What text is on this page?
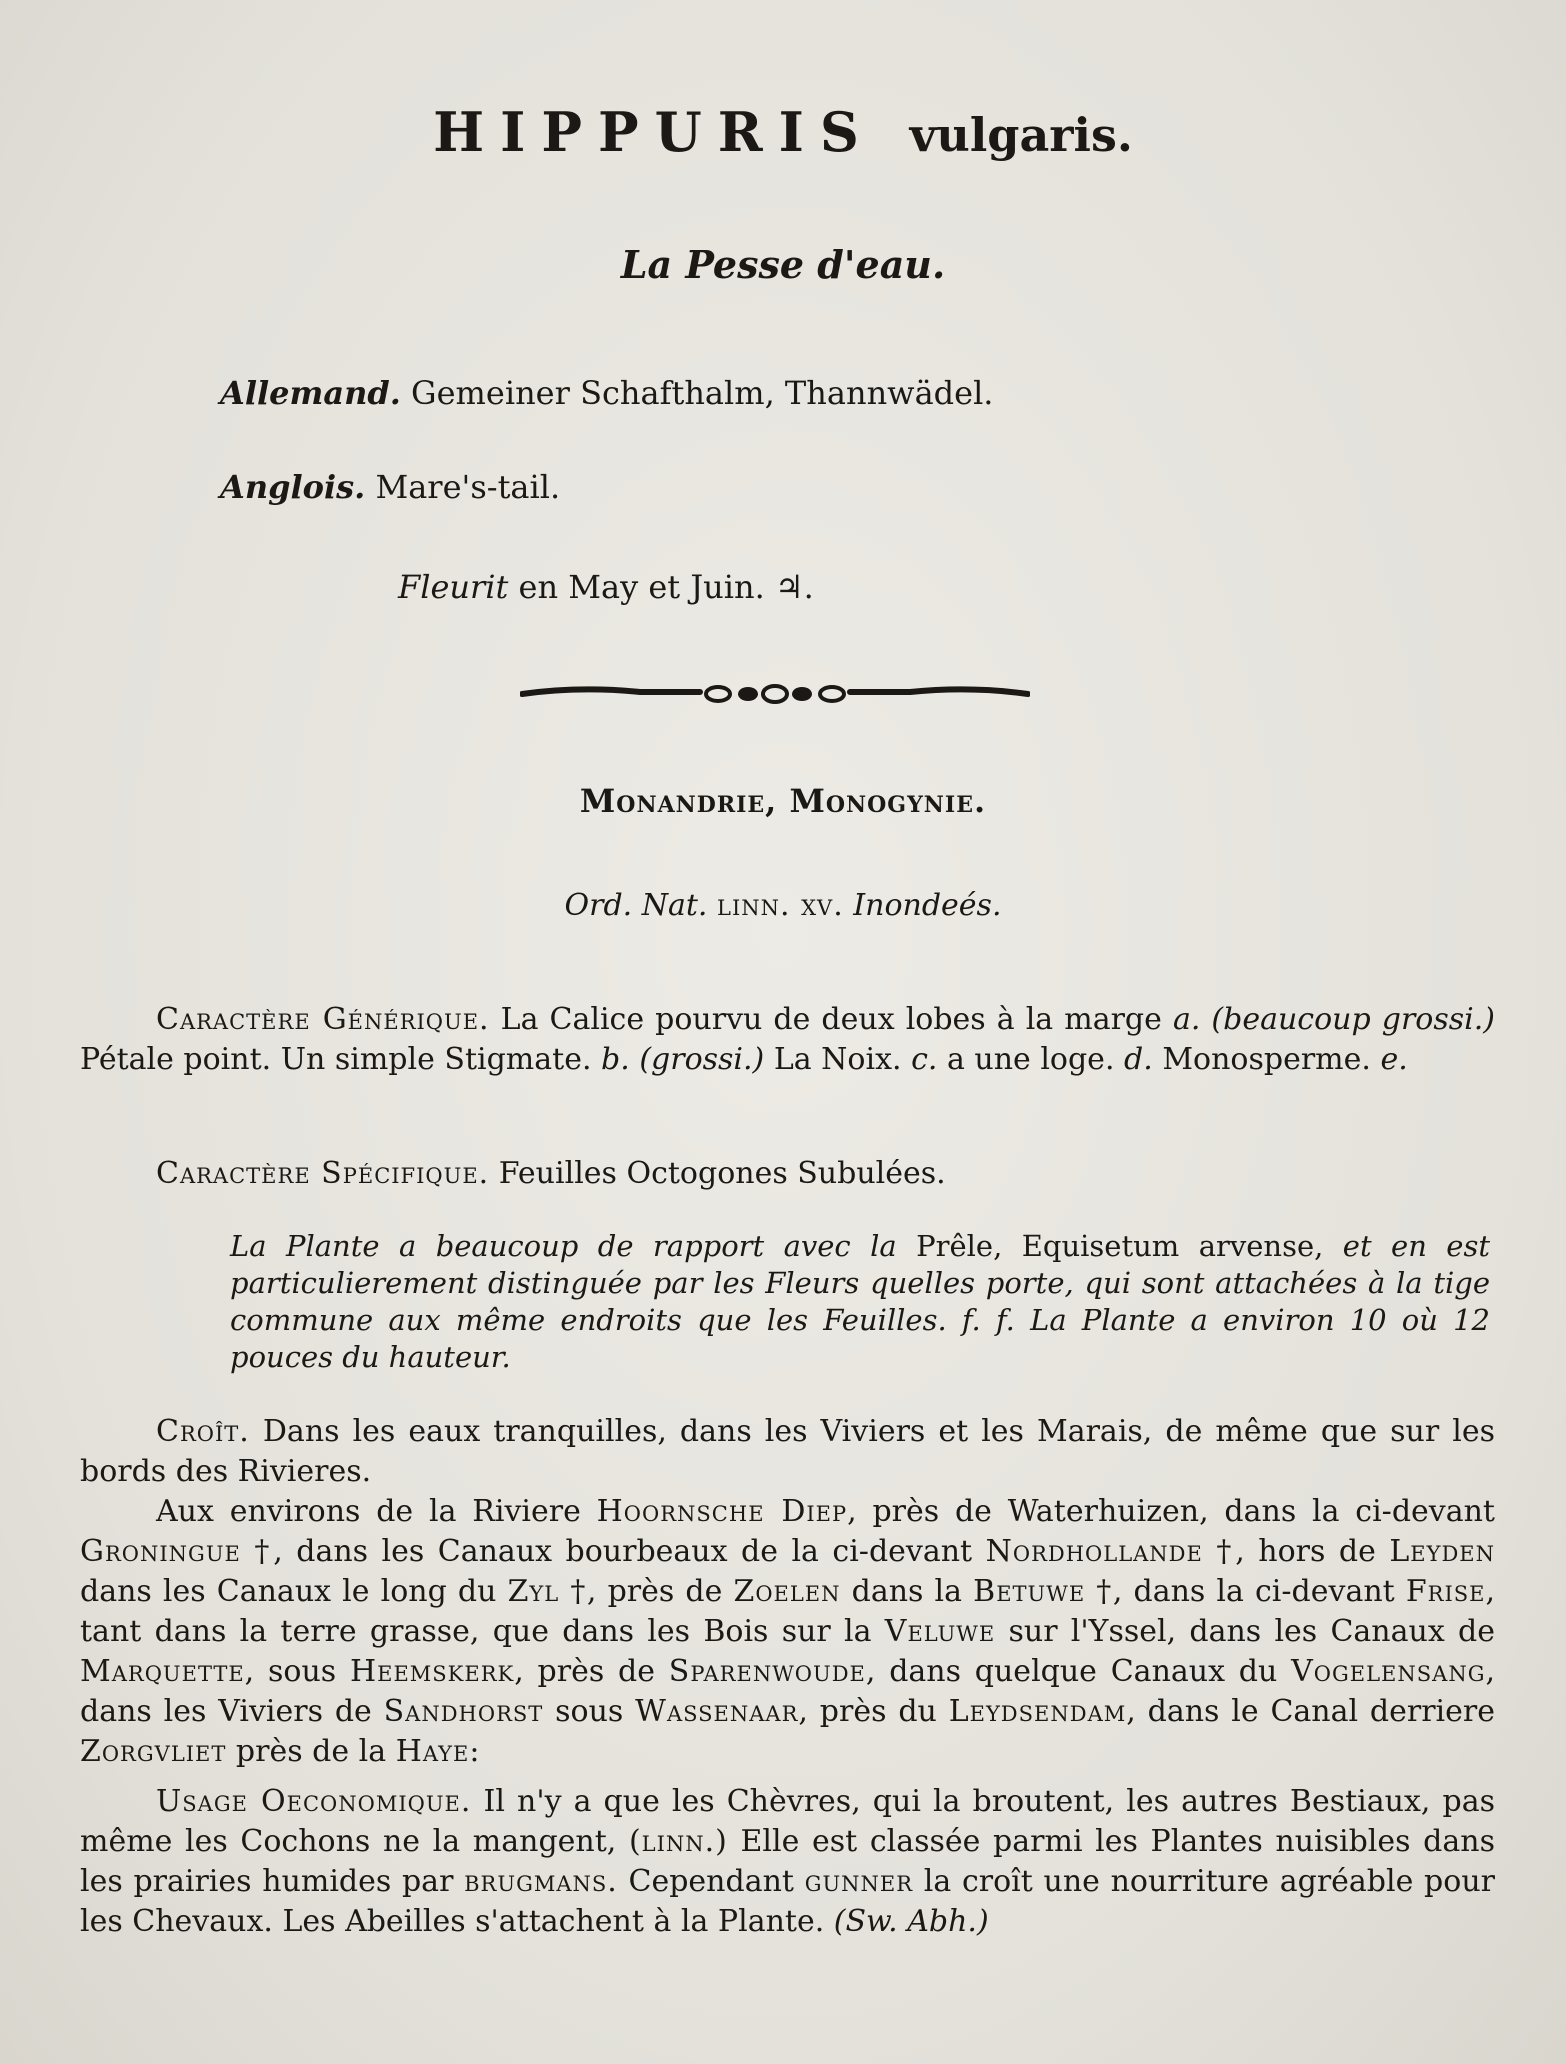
HIPPURIS vulgaris.
La Pesse d'eau.
Allemand. Gemeiner Schafthalm, Thannwädel.
Anglois. Mare's-tail.
Fleurit en May et Juin. ♃.
Monandrie, Monogynie.
Ord. Nat. linn. xv. Inondeés.

Caractère Générique. La Calice pourvu de deux lobes à la marge a. (beaucoup grossi.) Pétale point. Un simple Stigmate. b. (grossi.) La Noix. c. a une loge. d. Monosperme. e.

Caractère Spécifique. Feuilles Octogones Subulées.

La Plante a beaucoup de rapport avec la Prêle, Equisetum arvense, et en est particulierement distinguée par les Fleurs quelles porte, qui sont attachées à la tige commune aux même endroits que les Feuilles. f. f. La Plante a environ 10 où 12 pouces du hauteur.

Croît. Dans les eaux tranquilles, dans les Viviers et les Marais, de même que sur les bords des Rivieres.

Aux environs de la Riviere Hoornsche Diep, près de Waterhuizen, dans la ci-devant Groningue †, dans les Canaux bourbeaux de la ci-devant Nordhollande †, hors de Leyden dans les Canaux le long du Zyl †, près de Zoelen dans la Betuwe †, dans la ci-devant Frise, tant dans la terre grasse, que dans les Bois sur la Veluwe sur l'Yssel, dans les Canaux de Marquette, sous Heemskerk, près de Sparenwoude, dans quelque Canaux du Vogelensang, dans les Viviers de Sandhorst sous Wassenaar, près du Leydsendam, dans le Canal derriere Zorgvliet près de la Haye:

Usage Oeconomique. Il n'y a que les Chèvres, qui la broutent, les autres Bestiaux, pas même les Cochons ne la mangent, (linn.) Elle est classée parmi les Plantes nuisibles dans les prairies humides par brugmans. Cependant gunner la croît une nourriture agréable pour les Chevaux. Les Abeilles s'attachent à la Plante. (Sw. Abh.)
